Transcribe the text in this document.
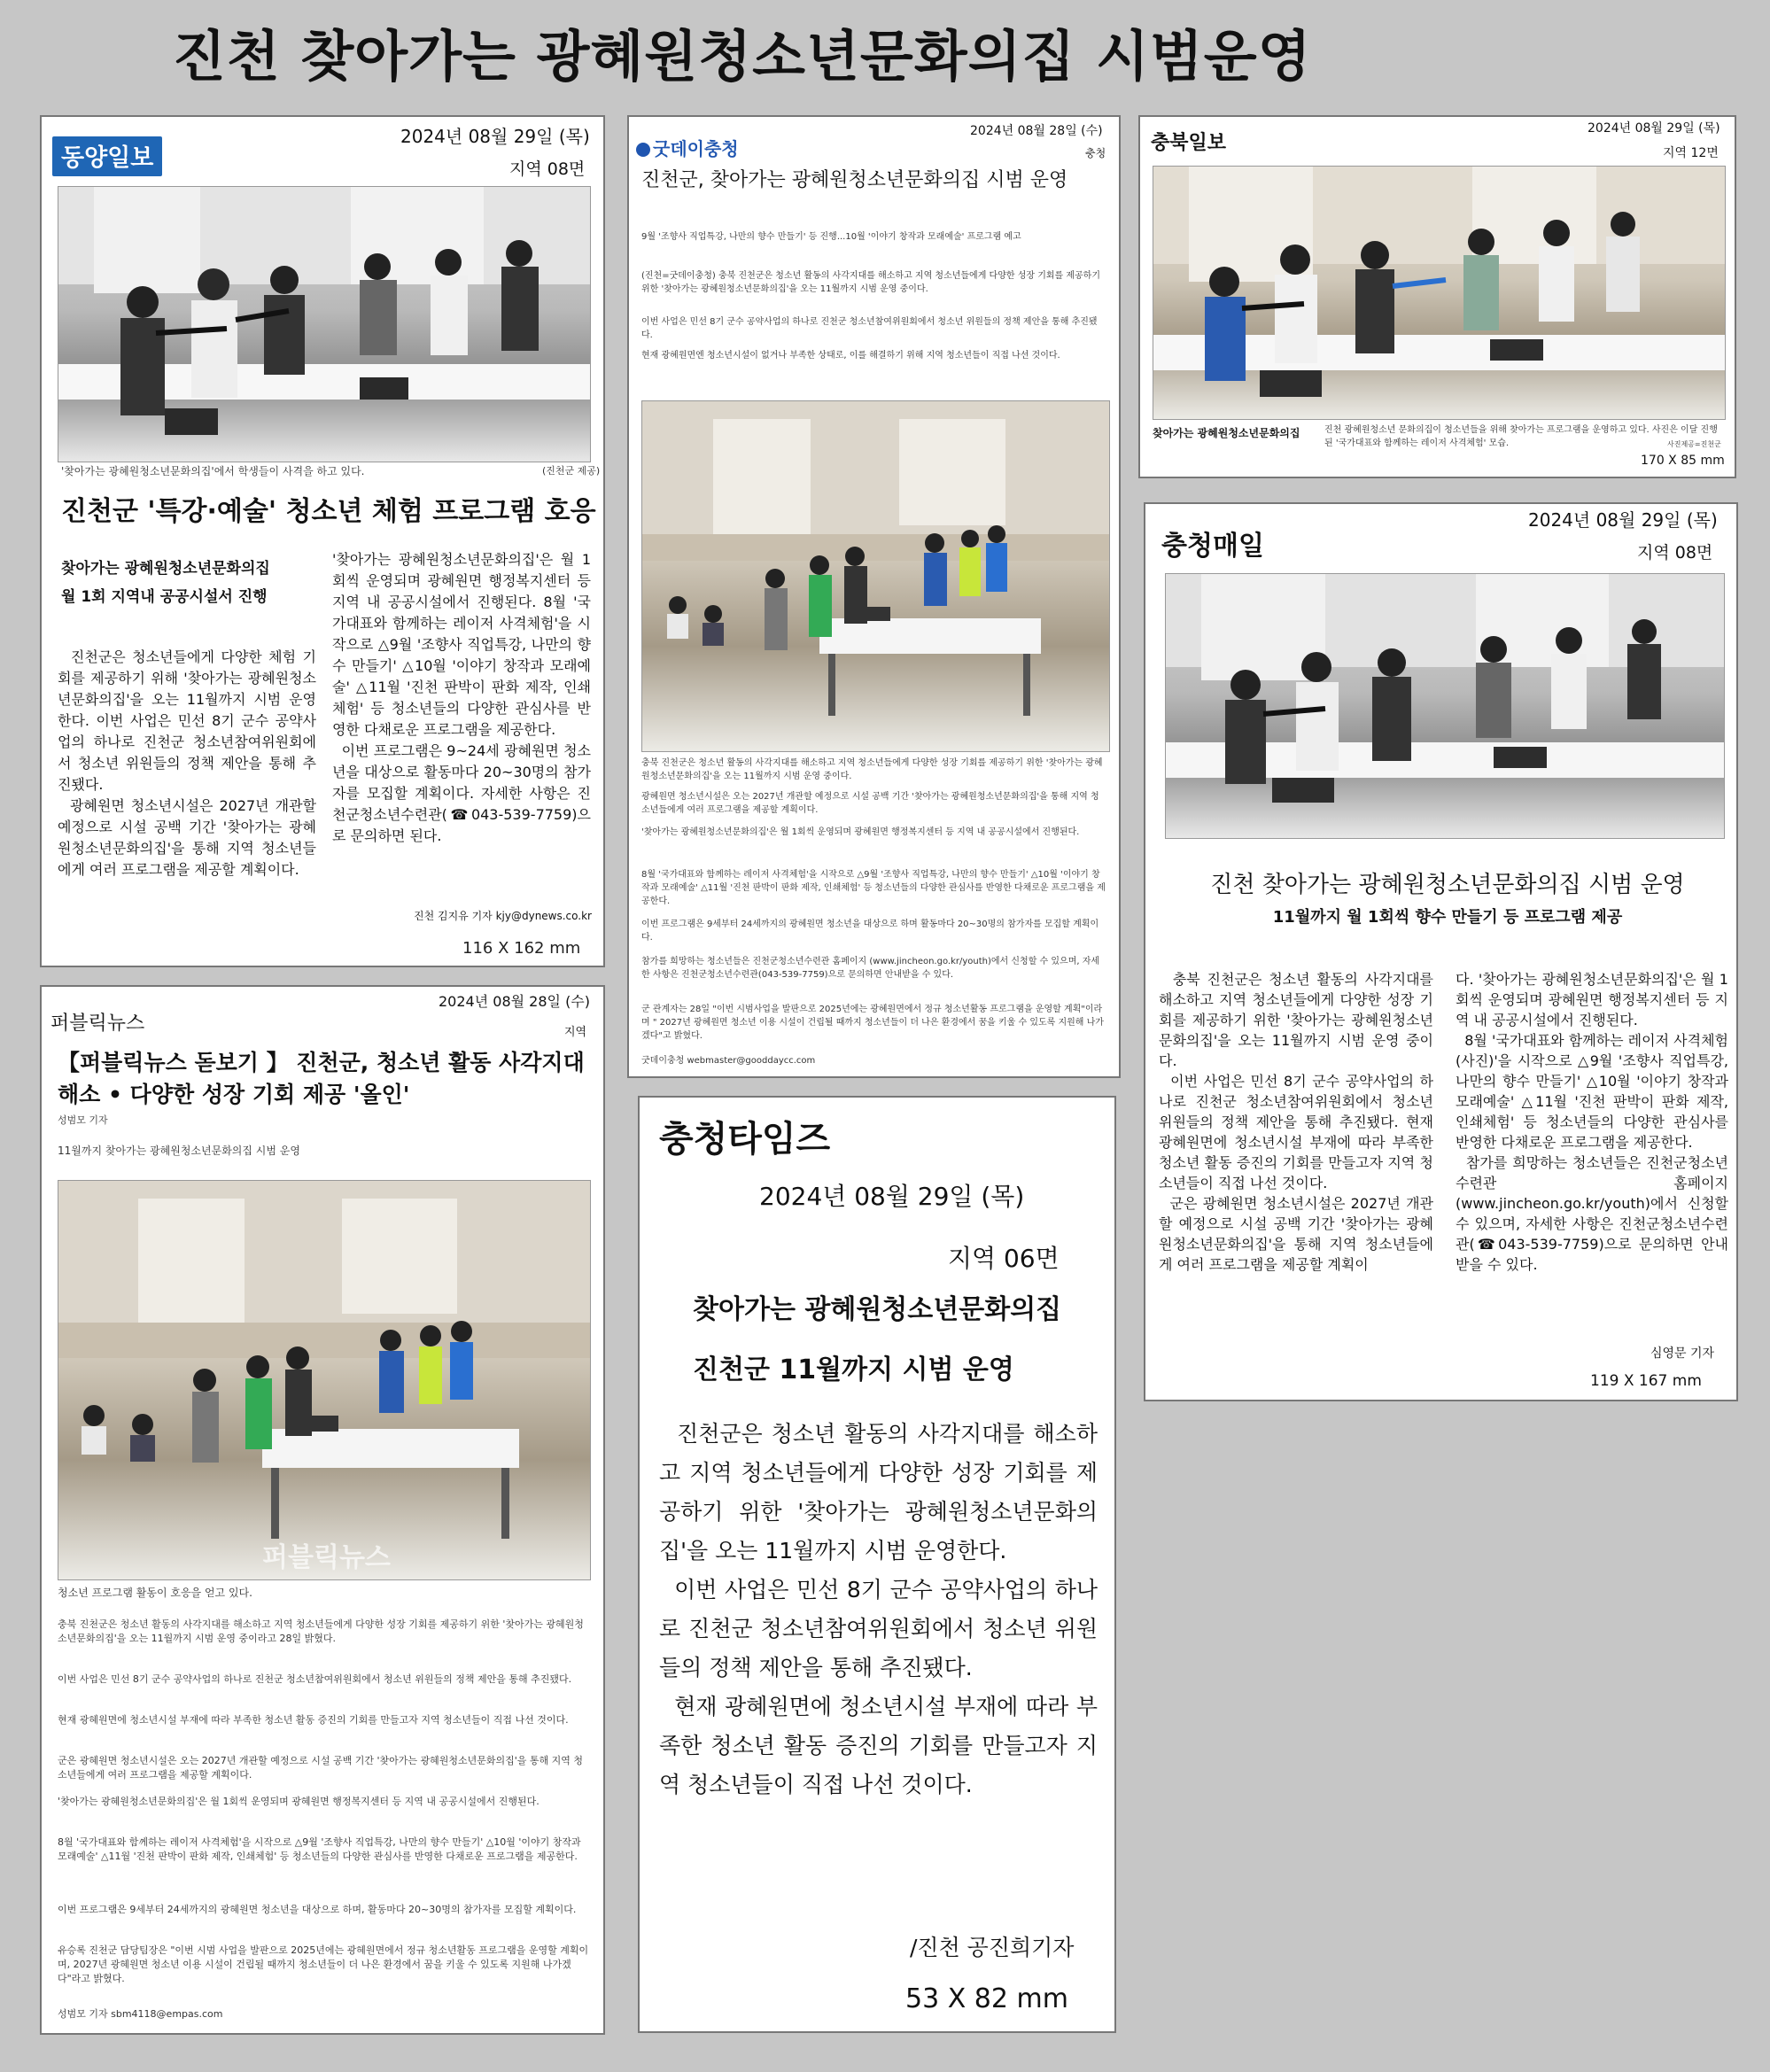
진천 찾아가는 광혜원청소년문화의집 시범운영
동양일보
2024년 08월 29일 (목)
지역 08면
'찾아가는 광혜원청소년문화의집'에서 학생들이 사격을 하고 있다.	(진천군 제공)
진천군 '특강·예술' 청소년 체험 프로그램 호응
찾아가는 광혜원청소년문화의집
월 1회 지역내 공공시설서 진행
진천군은 청소년들에게 다양한 체험 기회를 제공하기 위해 '찾아가는 광혜원청소년문화의집'을 오는 11월까지 시범 운영한다. 이번 사업은 민선 8기 군수 공약사업의 하나로 진천군 청소년참여위원회에서 청소년 위원들의 정책 제안을 통해 추진됐다.
광혜원면 청소년시설은 2027년 개관할 예정으로 시설 공백 기간 '찾아가는 광혜원청소년문화의집'을 통해 지역 청소년들에게 여러 프로그램을 제공할 계획이다.
'찾아가는 광혜원청소년문화의집'은 월 1회씩 운영되며 광혜원면 행정복지센터 등 지역 내 공공시설에서 진행된다. 8월 '국가대표와 함께하는 레이저 사격체험'을 시작으로 △9월 '조향사 직업특강, 나만의 향수 만들기' △10월 '이야기 창작과 모래예술' △11월 '진천 판박이 판화 제작, 인쇄체험' 등 청소년들의 다양한 관심사를 반영한 다채로운 프로그램을 제공한다.
이번 프로그램은 9~24세 광혜원면 청소년을 대상으로 활동마다 20~30명의 참가자를 모집할 계획이다. 자세한 사항은 진천군청소년수련관(☎043-539-7759)으로 문의하면 된다.
진천 김지유 기자 kjy@dynews.co.kr
116 X 162 mm
굿데이충청
2024년 08월 28일 (수)
충청
진천군, 찾아가는 광혜원청소년문화의집 시범 운영
9월 '조향사 직업특강, 나만의 향수 만들기' 등 진행...10월 '이야기 창작과 모래예술' 프로그램 예고
(진천=굿데이충청) 충북 진천군은 청소년 활동의 사각지대를 해소하고 지역 청소년들에게 다양한 성장 기회를 제공하기 위한 '찾아가는 광혜원청소년문화의집'을 오는 11월까지 시범 운영 중이다.
이번 사업은 민선 8기 군수 공약사업의 하나로 진천군 청소년참여위원회에서 청소년 위원들의 정책 제안을 통해 추진됐다.
현재 광혜원면엔 청소년시설이 없거나 부족한 상태로, 이를 해결하기 위해 지역 청소년들이 직접 나선 것이다.
충북 진천군은 청소년 활동의 사각지대를 해소하고 지역 청소년들에게 다양한 성장 기회를 제공하기 위한 '찾아가는 광혜원청소년문화의집'을 오는 11월까지 시범 운영 중이다.
광혜원면 청소년시설은 오는 2027년 개관할 예정으로 시설 공백 기간 '찾아가는 광혜원청소년문화의집'을 통해 지역 청소년들에게 여러 프로그램을 제공할 계획이다.
'찾아가는 광혜원청소년문화의집'은 월 1회씩 운영되며 광혜원면 행정복지센터 등 지역 내 공공시설에서 진행된다.
8월 '국가대표와 함께하는 레이저 사격체험'을 시작으로 △9월 '조향사 직업특강, 나만의 향수 만들기' △10월 '이야기 창작과 모래예술' △11월 '진천 판박이 판화 제작, 인쇄체험' 등 청소년들의 다양한 관심사를 반영한 다채로운 프로그램을 제공한다.
이번 프로그램은 9세부터 24세까지의 광혜원면 청소년을 대상으로 하며 활동마다 20~30명의 참가자를 모집할 계획이다.
참가를 희망하는 청소년들은 진천군청소년수련관 홈페이지 (www.jincheon.go.kr/youth)에서 신청할 수 있으며, 자세한 사항은 진천군청소년수련관(043-539-7759)으로 문의하면 안내받을 수 있다.
군 관계자는 28일 "이번 시범사업을 발판으로 2025년에는 광혜원면에서 정규 청소년활동 프로그램을 운영할 계획"이라며 " 2027년 광혜원면 청소년 이용 시설이 건립될 때까지 청소년들이 더 나은 환경에서 꿈을 키울 수 있도록 지원해 나가겠다"고 밝혔다.
굿데이충청 webmaster@gooddaycc.com
충북일보
2024년 08월 29일 (목)
지역 12면
찾아가는 광혜원청소년문화의집	진천 광혜원청소년 문화의집이 청소년들을 위해 찾아가는 프로그램을 운영하고 있다. 사진은 이달 진행 된 '국가대표와 함께하는 레이저 사격체험' 모습.	사진제공=진천군
170 X 85 mm
충청매일
2024년 08월 29일 (목)
지역 08면
진천 찾아가는 광혜원청소년문화의집 시범 운영
11월까지 월 1회씩 향수 만들기 등 프로그램 제공
충북 진천군은 청소년 활동의 사각지대를 해소하고 지역 청소년들에게 다양한 성장 기회를 제공하기 위한 '찾아가는 광혜원청소년문화의집'을 오는 11월까지 시범 운영 중이다.
이번 사업은 민선 8기 군수 공약사업의 하나로 진천군 청소년참여위원회에서 청소년 위원들의 정책 제안을 통해 추진됐다. 현재 광혜원면에 청소년시설 부재에 따라 부족한 청소년 활동 증진의 기회를 만들고자 지역 청소년들이 직접 나선 것이다.
군은 광혜원면 청소년시설은 2027년 개관할 예정으로 시설 공백 기간 '찾아가는 광혜원청소년문화의집'을 통해 지역 청소년들에게 여러 프로그램을 제공할 계획이
다. '찾아가는 광혜원청소년문화의집'은 월 1회씩 운영되며 광혜원면 행정복지센터 등 지역 내 공공시설에서 진행된다.
8월 '국가대표와 함께하는 레이저 사격체험(사진)'을 시작으로 △9월 '조향사 직업특강, 나만의 향수 만들기' △10월 '이야기 창작과 모래예술' △11월 '진천 판박이 판화 제작, 인쇄체험' 등 청소년들의 다양한 관심사를 반영한 다채로운 프로그램을 제공한다.
참가를 희망하는 청소년들은 진천군청소년수련관 홈페이지(www.jincheon.go.kr/youth)에서 신청할 수 있으며, 자세한 사항은 진천군청소년수련관(☎043-539-7759)으로 문의하면 안내받을 수 있다.
심영문 기자
119 X 167 mm
퍼블릭뉴스
2024년 08월 28일 (수)
지역
【퍼블릭뉴스 돋보기 】 진천군, 청소년 활동 사각지대 해소 • 다양한 성장 기회 제공 '올인'
성범모 기자
11월까지 찾아가는 광혜원청소년문화의집 시범 운영
퍼블릭뉴스
청소년 프로그램 활동이 호응을 얻고 있다.
충북 진천군은 청소년 활동의 사각지대를 해소하고 지역 청소년들에게 다양한 성장 기회를 제공하기 위한 '찾아가는 광혜원청소년문화의집'을 오는 11월까지 시범 운영 중이라고 28일 밝혔다.
이번 사업은 민선 8기 군수 공약사업의 하나로 진천군 청소년참여위원회에서 청소년 위원들의 정책 제안을 통해 추진됐다.
현재 광혜원면에 청소년시설 부재에 따라 부족한 청소년 활동 증진의 기회를 만들고자 지역 청소년들이 직접 나선 것이다.
군은 광혜원면 청소년시설은 오는 2027년 개관할 예정으로 시설 공백 기간 '찾아가는 광혜원청소년문화의집'을 통해 지역 청소년들에게 여러 프로그램을 제공할 계획이다.
'찾아가는 광혜원청소년문화의집'은 월 1회씩 운영되며 광혜원면 행정복지센터 등 지역 내 공공시설에서 진행된다.
8월 '국가대표와 함께하는 레이저 사격체험'을 시작으로 △9월 '조향사 직업특강, 나만의 향수 만들기' △10월 '이야기 창작과 모래예술' △11월 '진천 판박이 판화 제작, 인쇄체험' 등 청소년들의 다양한 관심사를 반영한 다채로운 프로그램을 제공한다.
이번 프로그램은 9세부터 24세까지의 광혜원면 청소년을 대상으로 하며, 활동마다 20~30명의 참가자를 모집할 계획이다.
유승록 진천군 담당팀장은 "이번 시범 사업을 발판으로 2025년에는 광혜원면에서 정규 청소년활동 프로그램을 운영할 계획이며, 2027년 광혜원면 청소년 이용 시설이 건립될 때까지 청소년들이 더 나은 환경에서 꿈을 키울 수 있도록 지원해 나가겠다"라고 밝혔다.
성범모 기자 sbm4118@empas.com
충청타임즈
2024년 08월 29일 (목)
지역 06면
찾아가는 광혜원청소년문화의집
진천군 11월까지 시범 운영
진천군은 청소년 활동의 사각지대를 해소하고 지역 청소년들에게 다양한 성장 기회를 제공하기 위한 '찾아가는 광혜원청소년문화의집'을 오는 11월까지 시범 운영한다.
이번 사업은 민선 8기 군수 공약사업의 하나로 진천군 청소년참여위원회에서 청소년 위원들의 정책 제안을 통해 추진됐다.
현재 광혜원면에 청소년시설 부재에 따라 부족한 청소년 활동 증진의 기회를 만들고자 지역 청소년들이 직접 나선 것이다.
/진천 공진희기자
53 X 82 mm
